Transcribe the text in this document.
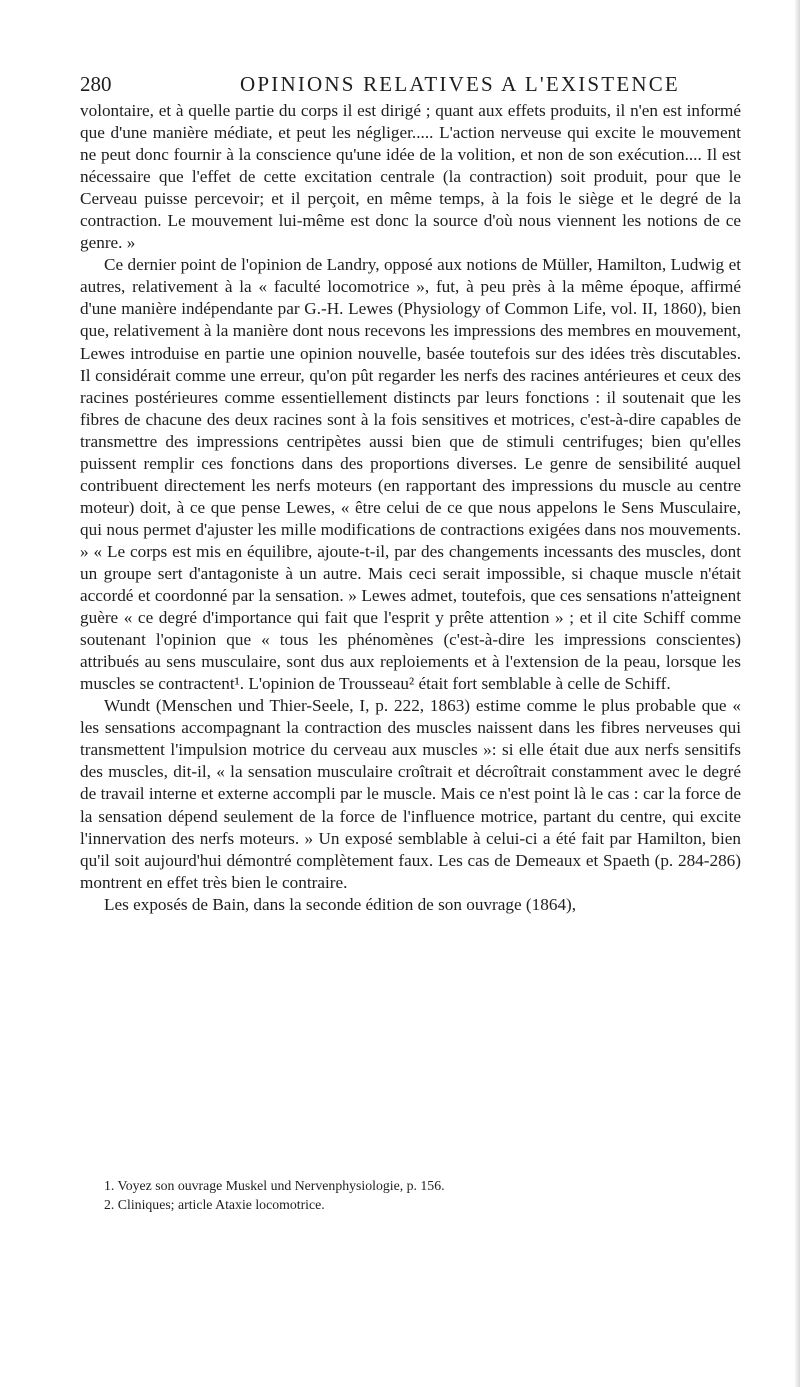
280	OPINIONS RELATIVES A L'EXISTENCE

volontaire, et à quelle partie du corps il est dirigé ; quant aux effets produits, il n'en est informé que d'une manière médiate, et peut les négliger..... L'action nerveuse qui excite le mouvement ne peut donc fournir à la conscience qu'une idée de la volition, et non de son exécution.... Il est nécessaire que l'effet de cette excitation centrale (la contraction) soit produit, pour que le Cerveau puisse percevoir; et il perçoit, en même temps, à la fois le siège et le degré de la contraction. Le mouvement lui-même est donc la source d'où nous viennent les notions de ce genre. »

Ce dernier point de l'opinion de Landry, opposé aux notions de Müller, Hamilton, Ludwig et autres, relativement à la « faculté locomotrice », fut, à peu près à la même époque, affirmé d'une manière indépendante par G.-H. Lewes (Physiology of Common Life, vol. II, 1860), bien que, relativement à la manière dont nous recevons les impressions des membres en mouvement, Lewes introduise en partie une opinion nouvelle, basée toutefois sur des idées très discutables. Il considérait comme une erreur, qu'on pût regarder les nerfs des racines antérieures et ceux des racines postérieures comme essentiellement distincts par leurs fonctions : il soutenait que les fibres de chacune des deux racines sont à la fois sensitives et motrices, c'est-à-dire capables de transmettre des impressions centripètes aussi bien que de stimuli centrifuges; bien qu'elles puissent remplir ces fonctions dans des proportions diverses. Le genre de sensibilité auquel contribuent directement les nerfs moteurs (en rapportant des impressions du muscle au centre moteur) doit, à ce que pense Lewes, « être celui de ce que nous appelons le Sens Musculaire, qui nous permet d'ajuster les mille modifications de contractions exigées dans nos mouvements. » « Le corps est mis en équilibre, ajoute-t-il, par des changements incessants des muscles, dont un groupe sert d'antagoniste à un autre. Mais ceci serait impossible, si chaque muscle n'était accordé et coordonné par la sensation. » Lewes admet, toutefois, que ces sensations n'atteignent guère « ce degré d'importance qui fait que l'esprit y prête attention » ; et il cite Schiff comme soutenant l'opinion que « tous les phénomènes (c'est-à-dire les impressions conscientes) attribués au sens musculaire, sont dus aux reploiements et à l'extension de la peau, lorsque les muscles se contractent¹. L'opinion de Trousseau² était fort semblable à celle de Schiff.

Wundt (Menschen und Thier-Seele, I, p. 222, 1863) estime comme le plus probable que « les sensations accompagnant la contraction des muscles naissent dans les fibres nerveuses qui transmettent l'impulsion motrice du cerveau aux muscles »: si elle était due aux nerfs sensitifs des muscles, dit-il, « la sensation musculaire croîtrait et décroîtrait constamment avec le degré de travail interne et externe accompli par le muscle. Mais ce n'est point là le cas : car la force de la sensation dépend seulement de la force de l'influence motrice, partant du centre, qui excite l'innervation des nerfs moteurs. » Un exposé semblable à celui-ci a été fait par Hamilton, bien qu'il soit aujourd'hui démontré complètement faux. Les cas de Demeaux et Spaeth (p. 284-286) montrent en effet très bien le contraire.

Les exposés de Bain, dans la seconde édition de son ouvrage (1864),

1. Voyez son ouvrage Muskel und Nervenphysiologie, p. 156.
2. Cliniques; article Ataxie locomotrice.
